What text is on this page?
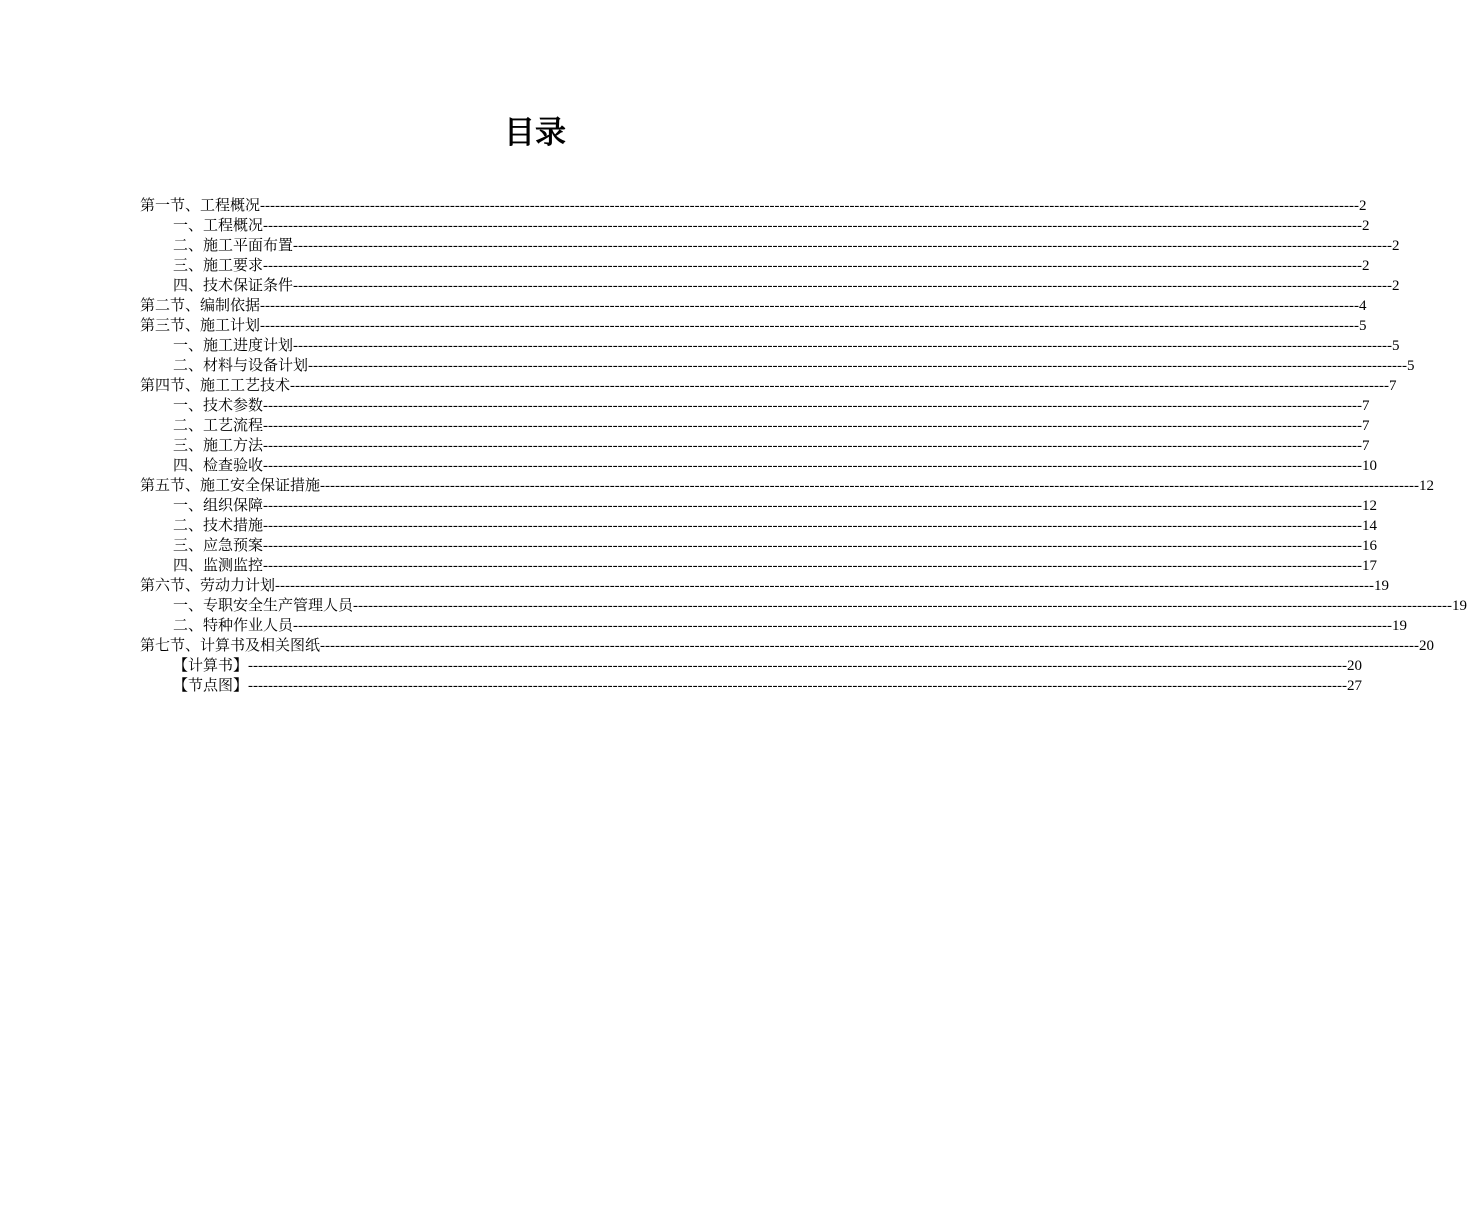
目录
第一节、工程概况 ---------------------------------------------------------------------------------------------------------------------------------------------------------------------------------------------------------------------------- 2
一、工程概况 ---------------------------------------------------------------------------------------------------------------------------------------------------------------------------------------------------------------------------- 2
二、施工平面布置 ---------------------------------------------------------------------------------------------------------------------------------------------------------------------------------------------------------------------------- 2
三、施工要求 ---------------------------------------------------------------------------------------------------------------------------------------------------------------------------------------------------------------------------- 2
四、技术保证条件 ---------------------------------------------------------------------------------------------------------------------------------------------------------------------------------------------------------------------------- 2
第二节、编制依据 ---------------------------------------------------------------------------------------------------------------------------------------------------------------------------------------------------------------------------- 4
第三节、施工计划 ---------------------------------------------------------------------------------------------------------------------------------------------------------------------------------------------------------------------------- 5
一、施工进度计划 ---------------------------------------------------------------------------------------------------------------------------------------------------------------------------------------------------------------------------- 5
二、材料与设备计划 ---------------------------------------------------------------------------------------------------------------------------------------------------------------------------------------------------------------------------- 5
第四节、施工工艺技术 ---------------------------------------------------------------------------------------------------------------------------------------------------------------------------------------------------------------------------- 7
一、技术参数 ---------------------------------------------------------------------------------------------------------------------------------------------------------------------------------------------------------------------------- 7
二、工艺流程 ---------------------------------------------------------------------------------------------------------------------------------------------------------------------------------------------------------------------------- 7
三、施工方法 ---------------------------------------------------------------------------------------------------------------------------------------------------------------------------------------------------------------------------- 7
四、检查验收 ---------------------------------------------------------------------------------------------------------------------------------------------------------------------------------------------------------------------------- 10
第五节、施工安全保证措施 ---------------------------------------------------------------------------------------------------------------------------------------------------------------------------------------------------------------------------- 12
一、组织保障 ---------------------------------------------------------------------------------------------------------------------------------------------------------------------------------------------------------------------------- 12
二、技术措施 ---------------------------------------------------------------------------------------------------------------------------------------------------------------------------------------------------------------------------- 14
三、应急预案 ---------------------------------------------------------------------------------------------------------------------------------------------------------------------------------------------------------------------------- 16
四、监测监控 ---------------------------------------------------------------------------------------------------------------------------------------------------------------------------------------------------------------------------- 17
第六节、劳动力计划 ---------------------------------------------------------------------------------------------------------------------------------------------------------------------------------------------------------------------------- 19
一、专职安全生产管理人员 ---------------------------------------------------------------------------------------------------------------------------------------------------------------------------------------------------------------------------- 19
二、特种作业人员 ---------------------------------------------------------------------------------------------------------------------------------------------------------------------------------------------------------------------------- 19
第七节、计算书及相关图纸 ---------------------------------------------------------------------------------------------------------------------------------------------------------------------------------------------------------------------------- 20
【计算书】 ---------------------------------------------------------------------------------------------------------------------------------------------------------------------------------------------------------------------------- 20
【节点图】 ---------------------------------------------------------------------------------------------------------------------------------------------------------------------------------------------------------------------------- 27
